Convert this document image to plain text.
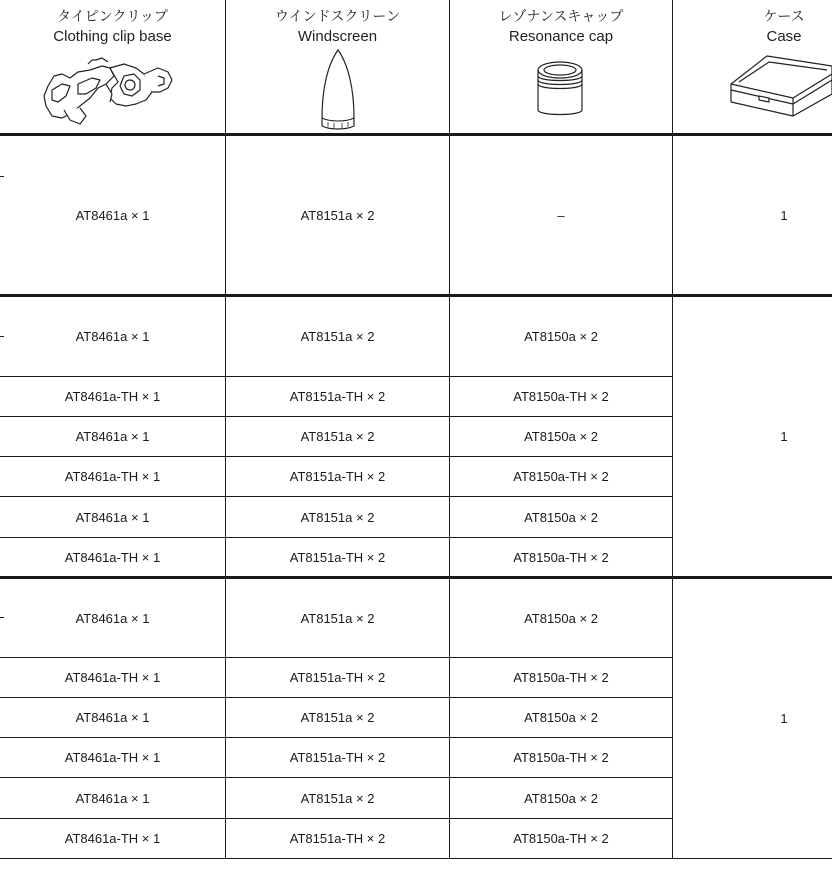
タイピンクリップ
Clothing clip base
ウインドスクリーン
Windscreen
レゾナンスキャップ
Resonance cap
ケース
Case
AT8461a × 1	AT8151a × 2	–	1
AT8461a × 1	AT8151a × 2	AT8150a × 2
AT8461a-TH × 1	AT8151a-TH × 2	AT8150a-TH × 2
AT8461a × 1	AT8151a × 2	AT8150a × 2
AT8461a-TH × 1	AT8151a-TH × 2	AT8150a-TH × 2
AT8461a × 1	AT8151a × 2	AT8150a × 2
AT8461a-TH × 1	AT8151a-TH × 2	AT8150a-TH × 2
1
AT8461a × 1	AT8151a × 2	AT8150a × 2
AT8461a-TH × 1	AT8151a-TH × 2	AT8150a-TH × 2
AT8461a × 1	AT8151a × 2	AT8150a × 2
AT8461a-TH × 1	AT8151a-TH × 2	AT8150a-TH × 2
AT8461a × 1	AT8151a × 2	AT8150a × 2
AT8461a-TH × 1	AT8151a-TH × 2	AT8150a-TH × 2
1
